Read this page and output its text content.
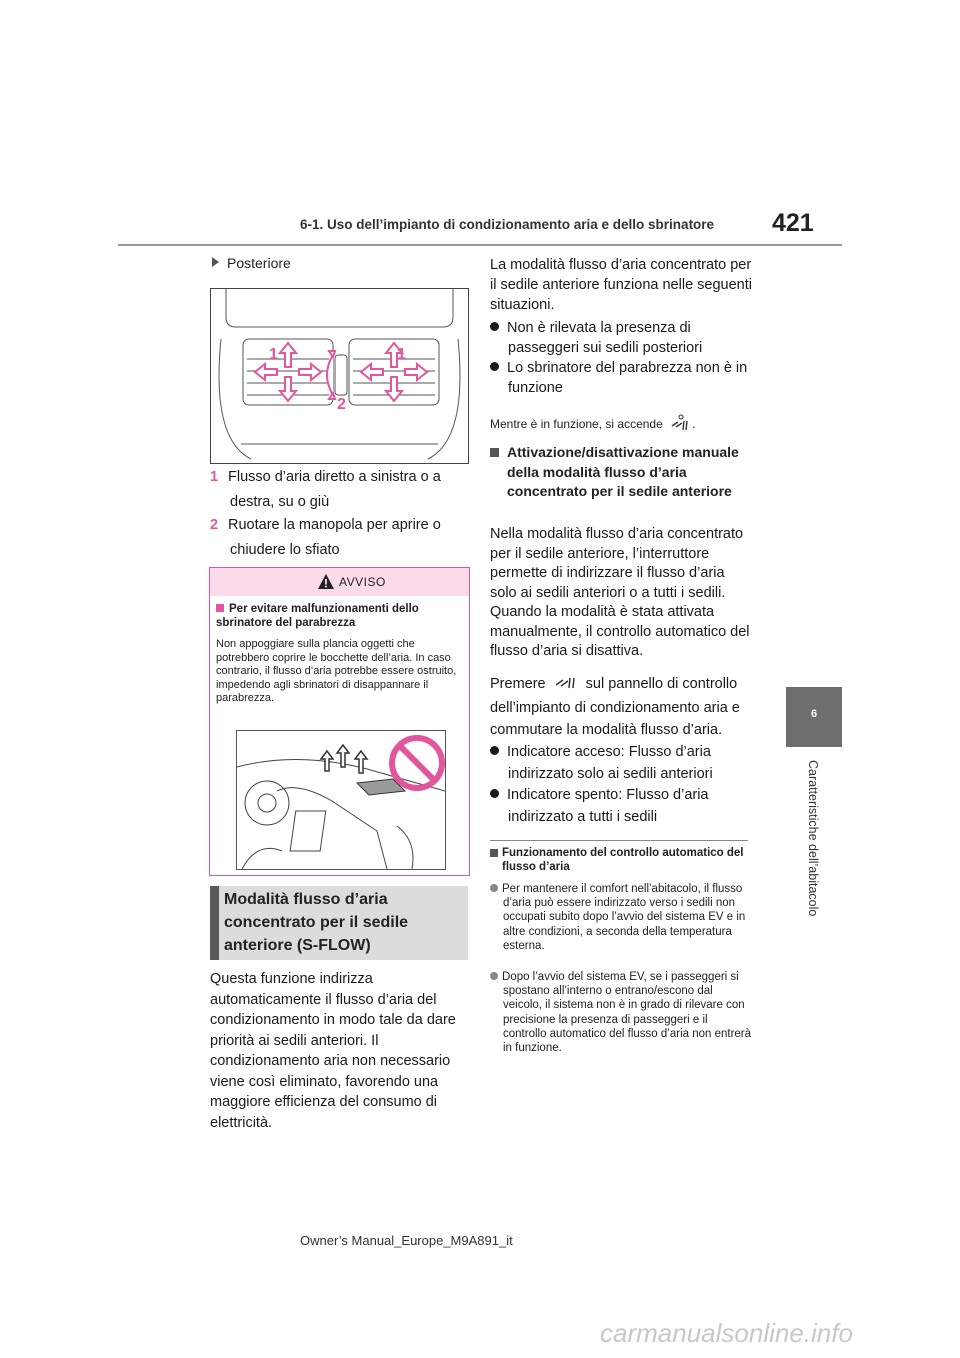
6-1. Uso dell’impianto di condizionamento aria e dello sbrinatore 421
6
Caratteristiche dell’abitacolo
Posteriore
1	1
2
1 Flusso d’aria diretto a sinistra o a
destra, su o giù
2 Ruotare la manopola per aprire o
chiudere lo sfiato
AVVISO
Per evitare malfunzionamenti dello sbrinatore del parabrezza
Non appoggiare sulla plancia oggetti che potrebbero coprire le bocchette dell’aria. In caso contrario, il flusso d’aria potrebbe essere ostruito, impedendo agli sbrinatori di disappannare il parabrezza.
Modalità flusso d’aria concentrato per il sedile anteriore (S-FLOW)
Questa funzione indirizza automaticamente il flusso d’aria del condizionamento in modo tale da dare priorità ai sedili anteriori. Il condizionamento aria non necessario viene così eliminato, favorendo una maggiore efficienza del consumo di elettricità.
La modalità flusso d’aria concentrato per il sedile anteriore funziona nelle seguenti situazioni.
Non è rilevata la presenza di passeggeri sui sedili posteriori
Lo sbrinatore del parabrezza non è in funzione
Mentre è in funzione, si accende .
Attivazione/disattivazione manuale della modalità flusso d’aria concentrato per il sedile anteriore
Nella modalità flusso d’aria concentrato per il sedile anteriore, l’interruttore permette di indirizzare il flusso d’aria solo ai sedili anteriori o a tutti i sedili. Quando la modalità è stata attivata manualmente, il controllo automatico del flusso d’aria si disattiva.
Premere	sul pannello di controllo
dell’impianto di condizionamento aria e
commutare la modalità flusso d’aria.
Indicatore acceso: Flusso d’aria indirizzato solo ai sedili anteriori
Indicatore spento: Flusso d’aria indirizzato a tutti i sedili
Funzionamento del controllo automatico del flusso d’aria
Per mantenere il comfort nell’abitacolo, il flusso d’aria può essere indirizzato verso i sedili non occupati subito dopo l’avvio del sistema EV e in altre condizioni, a seconda della temperatura esterna.
Dopo l’avvio del sistema EV, se i passeggeri si spostano all’interno o entrano/escono dal veicolo, il sistema non è in grado di rilevare con precisione la presenza di passeggeri e il controllo automatico del flusso d’aria non entrerà in funzione.
Owner’s Manual_Europe_M9A891_it
carmanualsonline.info
